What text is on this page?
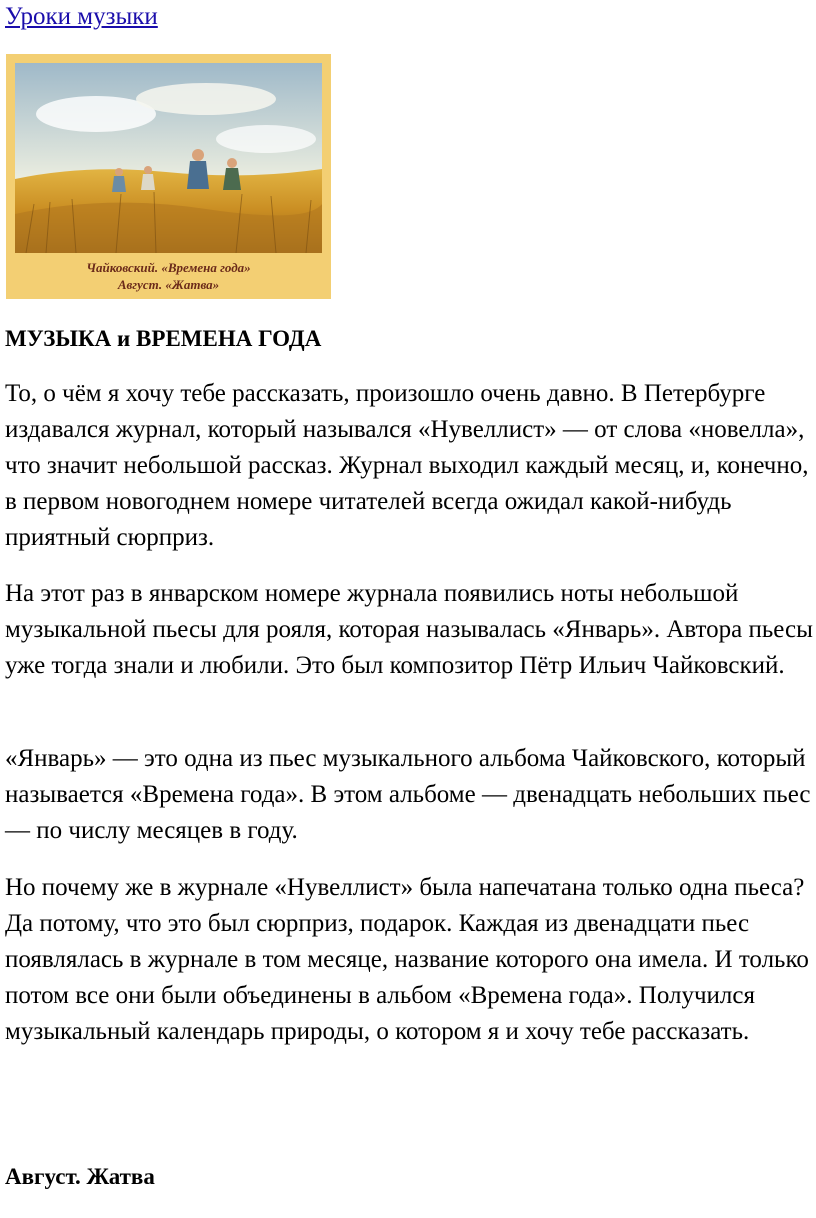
Уроки музыки
Чайковский. «Времена года»
Август. «Жатва»
МУЗЫКА и ВРЕМЕНА ГОДА

То, о чём я хочу тебе рассказать, произошло очень давно. В Петербурге издавался журнал, который назывался «Нувеллист» — от слова «новелла», что значит небольшой рассказ. Журнал выходил каждый месяц, и, конечно, в первом новогоднем номере читателей всегда ожидал какой-нибудь приятный сюрприз.

На этот раз в январском номере журнала появились ноты небольшой музыкальной пьесы для рояля, которая называлась «Январь». Автора пьесы уже тогда знали и любили. Это был композитор Пётр Ильич Чайковский.

«Январь» — это одна из пьес музыкального альбома Чайковского, который называется «Времена года». В этом альбоме — двенадцать небольших пьес — по числу месяцев в году.

Но почему же в журнале «Нувеллист» была напечатана только одна пьеса? Да потому, что это был сюрприз, подарок. Каждая из двенадцати пьес появлялась в журнале в том месяце, название которого она имела. И только потом все они были объединены в альбом «Времена года». Получился музыкальный календарь природы, о котором я и хочу тебе рассказать.

Август. Жатва
